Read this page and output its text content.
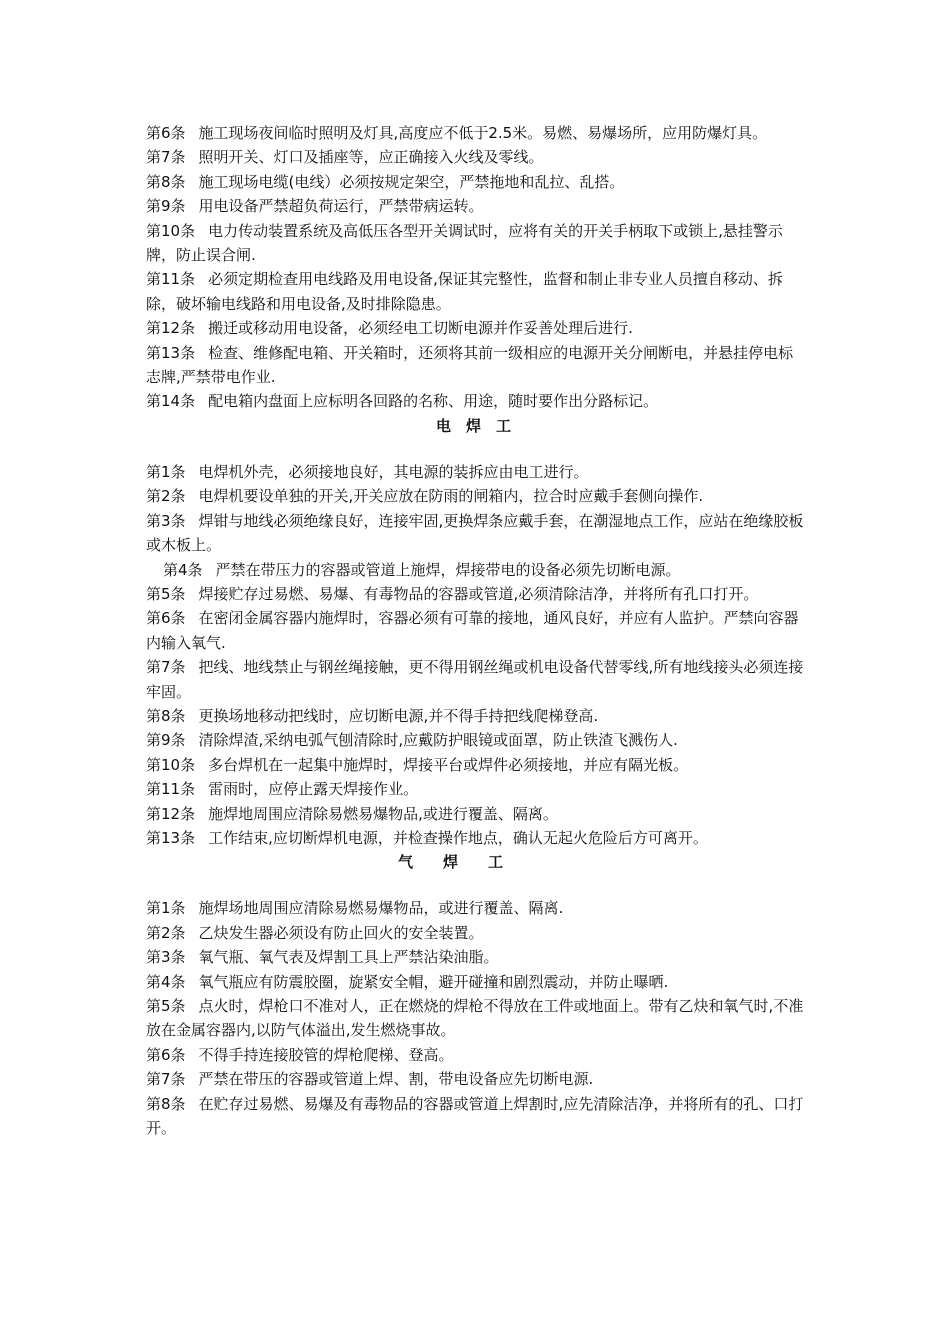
第6条 施工现场夜间临时照明及灯具,高度应不低于2.5米。易燃、易爆场所，应用防爆灯具。

第7条 照明开关、灯口及插座等，应正确接入火线及零线。

第8条 施工现场电缆(电线）必须按规定架空，严禁拖地和乱拉、乱搭。

第9条 用电设备严禁超负荷运行，严禁带病运转。

第10条 电力传动装置系统及高低压各型开关调试时，应将有关的开关手柄取下或锁上,悬挂警示牌，防止误合闸.

第11条 必须定期检查用电线路及用电设备,保证其完整性，监督和制止非专业人员擅自移动、拆除，破坏输电线路和用电设备,及时排除隐患。

第12条 搬迁或移动用电设备，必须经电工切断电源并作妥善处理后进行.

第13条 检查、维修配电箱、开关箱时，还须将其前一级相应的电源开关分闸断电，并悬挂停电标志牌,严禁带电作业.

第14条 配电箱内盘面上应标明各回路的名称、用途，随时要作出分路标记。

电　焊　工

第1条 电焊机外壳，必须接地良好，其电源的装拆应由电工进行。

第2条 电焊机要设单独的开关,开关应放在防雨的闸箱内，拉合时应戴手套侧向操作.

第3条 焊钳与地线必须绝缘良好，连接牢固,更换焊条应戴手套，在潮湿地点工作，应站在绝缘胶板或木板上。

第4条 严禁在带压力的容器或管道上施焊，焊接带电的设备必须先切断电源。

第5条 焊接贮存过易燃、易爆、有毒物品的容器或管道,必须清除洁净，并将所有孔口打开。

第6条 在密闭金属容器内施焊时，容器必须有可靠的接地，通风良好，并应有人监护。严禁向容器内输入氧气.

第7条 把线、地线禁止与钢丝绳接触，更不得用钢丝绳或机电设备代替零线,所有地线接头必须连接牢固。

第8条 更换场地移动把线时，应切断电源,并不得手持把线爬梯登高.

第9条 清除焊渣,采纳电弧气刨清除时,应戴防护眼镜或面罩，防止铁渣飞溅伤人.

第10条 多台焊机在一起集中施焊时，焊接平台或焊件必须接地，并应有隔光板。

第11条 雷雨时，应停止露天焊接作业。

第12条 施焊地周围应清除易燃易爆物品,或进行覆盖、隔离。

第13条 工作结束,应切断焊机电源，并检查操作地点，确认无起火危险后方可离开。

气　　焊　　工

第1条 施焊场地周围应清除易燃易爆物品，或进行覆盖、隔离.

第2条 乙炔发生器必须设有防止回火的安全装置。

第3条 氧气瓶、氧气表及焊割工具上严禁沾染油脂。

第4条 氧气瓶应有防震胶圈，旋紧安全帽，避开碰撞和剧烈震动，并防止曝晒.

第5条 点火时，焊枪口不准对人，正在燃烧的焊枪不得放在工件或地面上。带有乙炔和氧气时,不准放在金属容器内,以防气体溢出,发生燃烧事故。

第6条 不得手持连接胶管的焊枪爬梯、登高。

第7条 严禁在带压的容器或管道上焊、割，带电设备应先切断电源.

第8条 在贮存过易燃、易爆及有毒物品的容器或管道上焊割时,应先清除洁净，并将所有的孔、口打开。
